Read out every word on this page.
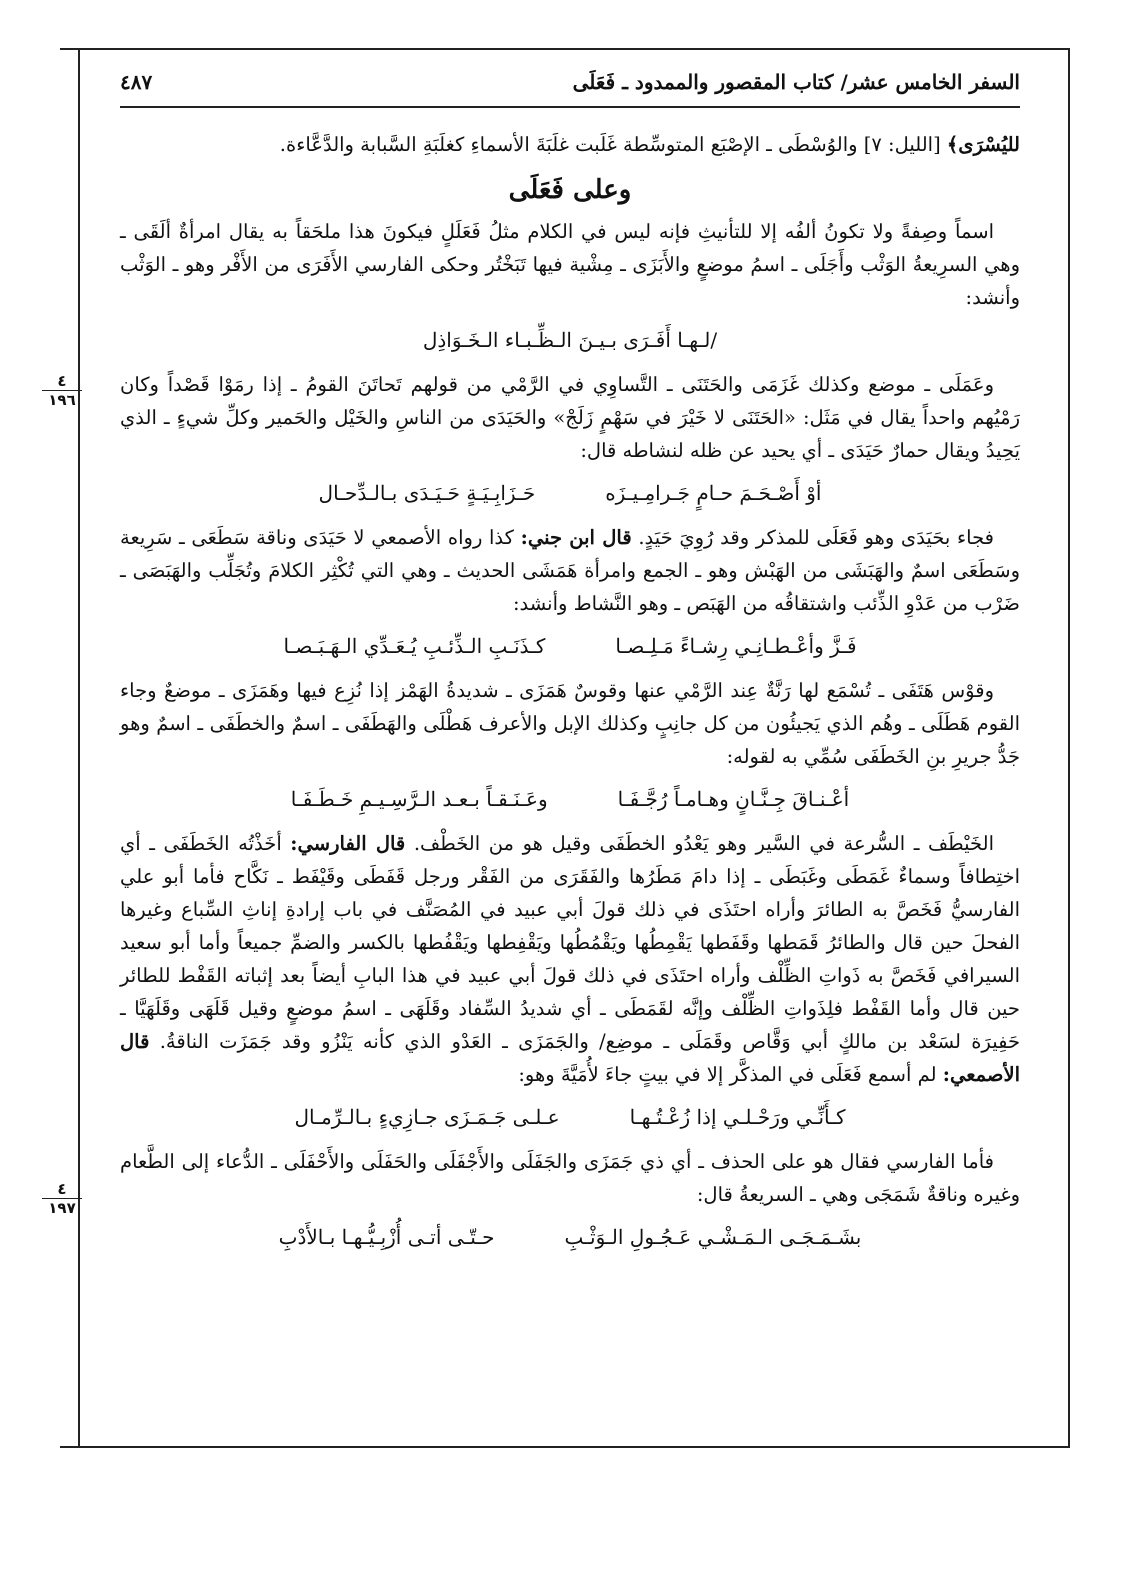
٤
١٩٦
٤
١٩٧
السفر الخامس عشر/ كتاب المقصور والممدود ـ فَعَلَى
٤٨٧

لليُسْرَى﴾ [الليل: ٧] والوُسْطَى ـ الإصْبَع المتوسِّطة غَلَبت غلَبَةَ الأسماءِ كغلَبَةِ السَّبابة والدَّعَّاءة.

وعلى فَعَلَى

اسماً وصِفةً ولا تكونُ ألفُه إلا للتأنيثِ فإنه ليس في الكلام مثلُ فَعَلَلٍ فيكونَ هذا ملحَقاً به يقال امرأةٌ ألَقَى ـ وهي السرِيعةُ الوَثْب وأَجَلَى ـ اسمُ موضعٍ والأَبَزَى ـ مِشْية فيها تَبَخْتُر وحكى الفارسي الأَفَرَى من الأَفْر وهو ـ الوَثْب وأنشد:

/لـهـا أَفَـرَى بـيـنَ الـظِّـبـاء الـخَـوَاذِل

وعَمَلَى ـ موضع وكذلك غَزَمَى والحَتَنَى ـ التَّساوِي في الرَّمْي من قولهم تَحاتَنَ القومُ ـ إذا رمَوْا قَصْداً وكان رَمْيُهم واحداً يقال في مَثَل: «الحَتَنَى لا خَيْرَ في سَهْمٍ زَلَجْ» والحَيَدَى من الناسِ والخَيْل والحَمير وكلِّ شيءٍ ـ الذي يَحِيدُ ويقال حمارٌ حَيَدَى ـ أي يحيد عن ظله لنشاطه قال:

أوْ أَصْـحَـمَ حـامٍ جَـرامِـيـزَه
حَـزَابِـيَـةٍ حَـيَـدَى بـالـدِّحـال

فجاء بحَيَدَى وهو فَعَلَى للمذكر وقد رُوِيَ حَيَدٍ. قال ابن جني: كذا رواه الأصمعي لا حَيَدَى وناقة سَطَعَى ـ سَرِيعة وسَطَعَى اسمٌ والهَبَشَى من الهَبْش وهو ـ الجمع وامرأة هَمَشَى الحديث ـ وهي التي تُكْثِر الكلامَ وتُجَلِّب والهَبَصَى ـ ضَرْب من عَدْوِ الذِّئب واشتقاقُه من الهَبَص ـ وهو النَّشاط وأنشد:

فَـزَّ وأعْـطـانِـي رِشـاءً مَـلِـصـا
كـذَنَـبِ الـذِّئـبِ يُـعَـدِّي الـهَـبَـصـا

وقوْس هَتَفَى ـ تُسْمَع لها رَنَّةٌ عِند الرَّمْي عنها وقوسٌ هَمَزَى ـ شديدةُ الهَمْز إذا نُزِع فيها وهَمَزَى ـ موضعٌ وجاء القوم هَطَلَى ـ وهُم الذي يَجيئُون من كل جانِبٍ وكذلك الإبل والأعرف هَطْلَى والهَطَفَى ـ اسمٌ والخطَفَى ـ اسمٌ وهو جَدُّ جريرِ بنِ الخَطَفَى سُمِّي به لقوله:

أعْـنـاقَ جِـنَّـانٍ وهـامـاً رُجَّـفَـا
وعَـنَـقـاً بـعـد الـرَّسِـيـمِ خَـطَـفَـا

الخَيْطَف ـ السُّرعة في السَّير وهو يَعْدُو الخطَفَى وقيل هو من الخَطْف. قال الفارسي: أخَذْتُه الخَطَفَى ـ أي اختِطافاً وسماءٌ غَمَطَى وغَبَطَى ـ إذا دامَ مَطَرُها والفَقَرَى من الفَقْر ورجل قَفَطَى وقَيْفَط ـ نَكَّاح فأما أبو علي الفارسيُّ فَخَصَّ به الطائرَ وأراه احتَذَى في ذلك قولَ أبي عبيد في المُصَنَّف في باب إرادةِ إناثِ السِّباع وغيرها الفحلَ حين قال والطائرُ قَمَطها وقَفَطها يَقْمِطُها ويَقْمُطُها ويَقْفِطها ويَقْفُطها بالكسر والضمِّ جميعاً وأما أبو سعيد السيرافي فَخَصَّ به ذَواتِ الظِّلْف وأراه احتَذَى في ذلك قولَ أبي عبيد في هذا البابِ أيضاً بعد إثباته القَفْط للطائر حين قال وأما القَفْط فلِذَواتِ الظِّلْف وإنَّه لقَمَطَى ـ أي شديدُ السِّفاد وقَلَهَى ـ اسمُ موضعٍ وقيل قَلَهَى وقَلَهَيَّا ـ حَفِيرَة لسَعْد بن مالكٍ أبي وَقَّاص وقَمَلَى ـ موضِع/ والجَمَزَى ـ العَدْو الذي كأنه يَنْزُو وقد جَمَزَت الناقةُ. قال الأصمعي: لم أسمع فَعَلَى في المذكَّر إلا في بيتٍ جاءَ لأُمَيَّةَ وهو:

كـأَنِّـي ورَحْـلـي إذا زُعْـتُـهـا
عـلـى جَـمَـزَى جـازِيءٍ بـالـرِّمـال

فأما الفارسي فقال هو على الحذف ـ أي ذي جَمَزَى والجَفَلَى والأَجْفَلَى والحَفَلَى والأَحْفَلَى ـ الدُّعاء إلى الطَّعام وغيره وناقةٌ شَمَجَى وهي ـ السريعةُ قال:

بشَـمَـجَـى الـمَـشْـي عَـجُـولِ الـوَثْـبِ
حـتّـى أتـى أُزْبِـيُّـهـا بـالأَدْبِ
